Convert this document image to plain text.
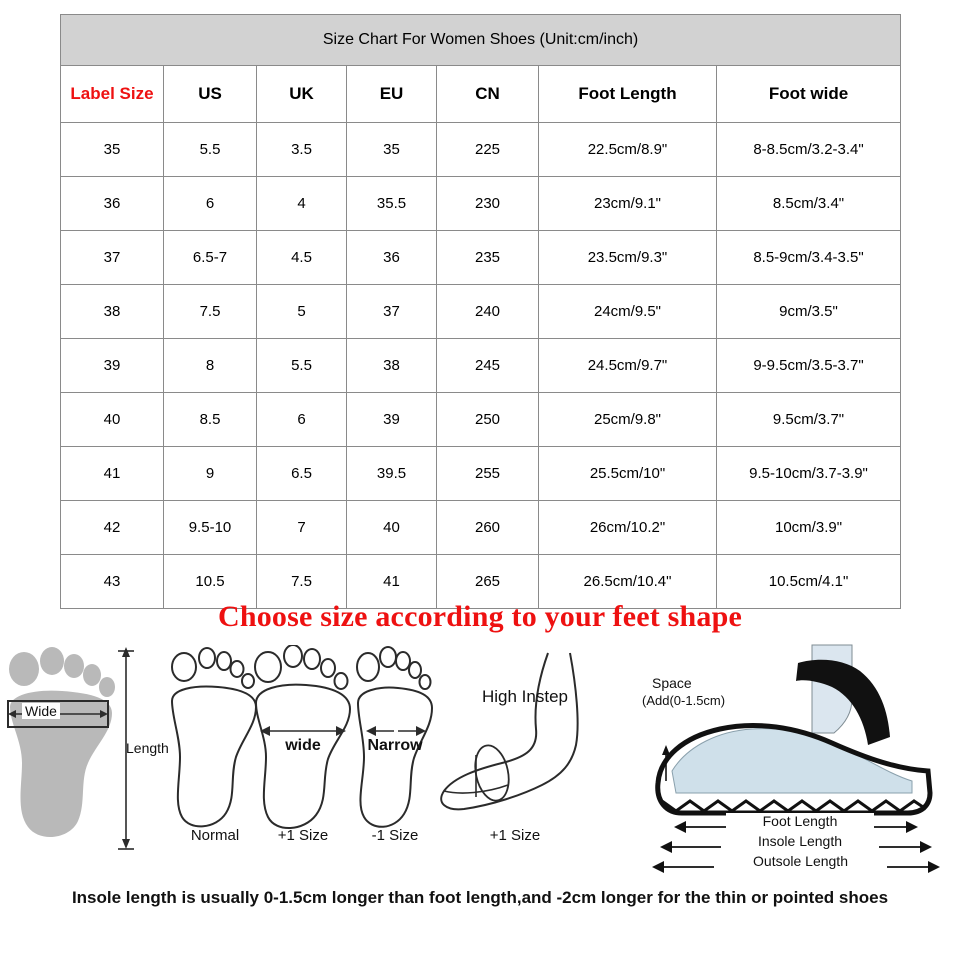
Size Chart For Women Shoes (Unit:cm/inch)						
Label Size	US	UK	EU	CN	Foot Length	Foot wide
35	5.5	3.5	35	225	22.5cm/8.9"	8-8.5cm/3.2-3.4"
36	6	4	35.5	230	23cm/9.1"	8.5cm/3.4"
37	6.5-7	4.5	36	235	23.5cm/9.3"	8.5-9cm/3.4-3.5"
38	7.5	5	37	240	24cm/9.5"	9cm/3.5"
39	8	5.5	38	245	24.5cm/9.7"	9-9.5cm/3.5-3.7"
40	8.5	6	39	250	25cm/9.8"	9.5cm/3.7"
41	9	6.5	39.5	255	25.5cm/10"	9.5-10cm/3.7-3.9"
42	9.5-10	7	40	260	26cm/10.2"	10cm/3.9"
43	10.5	7.5	41	265	26.5cm/10.4"	10.5cm/4.1"
Choose size according to your feet shape
Wide
Length
Normal
wide
+1 Size
Narrow
-1 Size
High Instep
+1 Size
Space
(Add(0-1.5cm)
Foot Length
Insole Length
Outsole Length
Insole length is usually 0-1.5cm longer than foot length,and -2cm longer for the thin or pointed shoes
